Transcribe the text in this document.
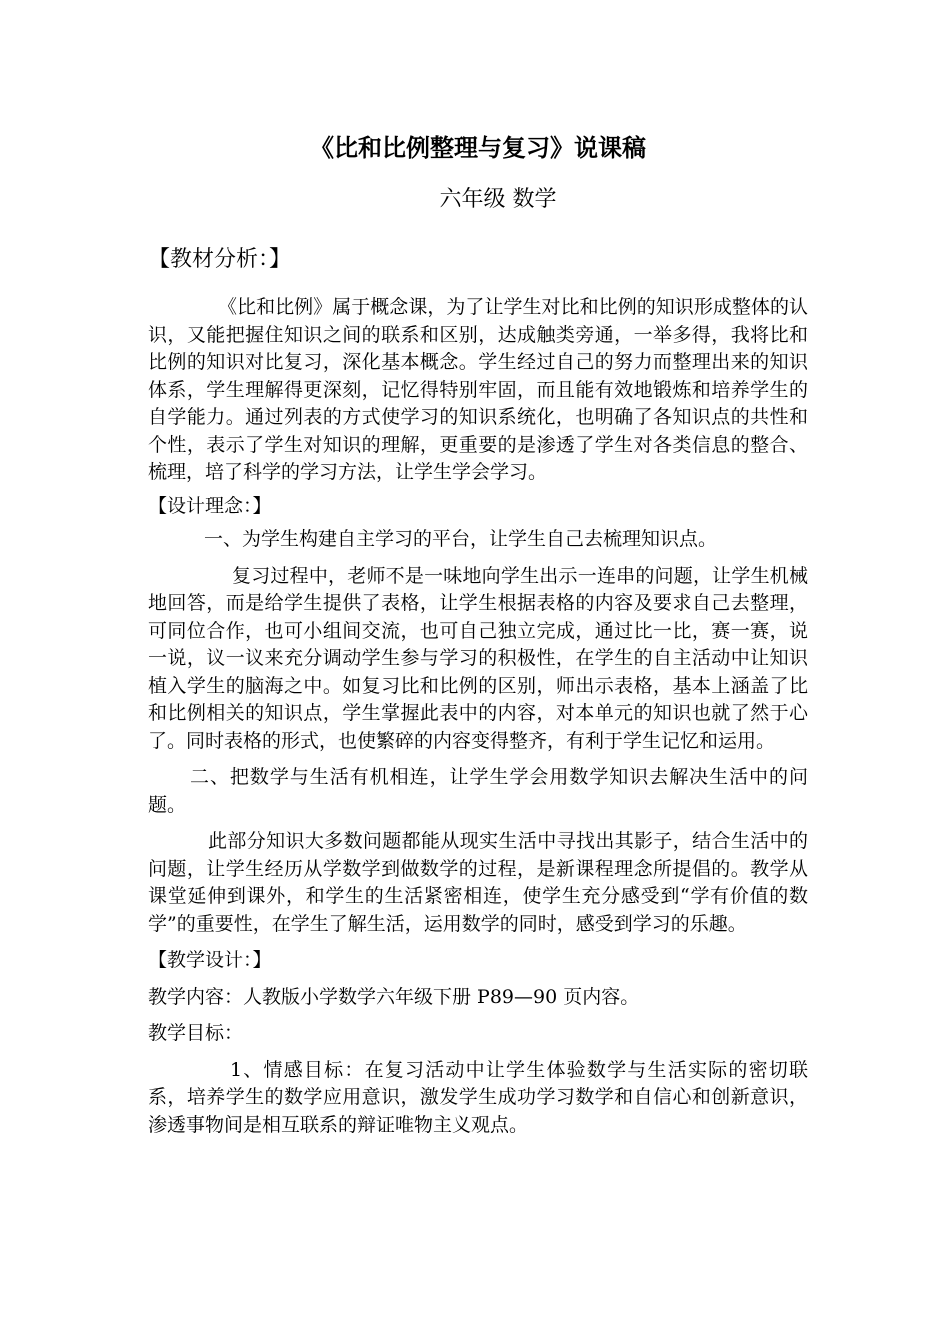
《比和比例整理与复习》说课稿
六年级 数学
【教材分析：】

《比和比例》属于概念课，为了让学生对比和比例的知识形成整体的认识，又能把握住知识之间的联系和区别，达成触类旁通，一举多得，我将比和比例的知识对比复习，深化基本概念。学生经过自己的努力而整理出来的知识体系，学生理解得更深刻，记忆得特别牢固，而且能有效地锻炼和培养学生的自学能力。通过列表的方式使学习的知识系统化，也明确了各知识点的共性和个性，表示了学生对知识的理解，更重要的是渗透了学生对各类信息的整合、梳理，培了科学的学习方法，让学生学会学习。

【设计理念：】

一、为学生构建自主学习的平台，让学生自己去梳理知识点。

复习过程中，老师不是一味地向学生出示一连串的问题，让学生机械地回答，而是给学生提供了表格，让学生根据表格的内容及要求自己去整理，可同位合作，也可小组间交流，也可自己独立完成，通过比一比，赛一赛，说一说，议一议来充分调动学生参与学习的积极性，在学生的自主活动中让知识植入学生的脑海之中。如复习比和比例的区别，师出示表格，基本上涵盖了比和比例相关的知识点，学生掌握此表中的内容，对本单元的知识也就了然于心了。同时表格的形式，也使繁碎的内容变得整齐，有利于学生记忆和运用。

二、把数学与生活有机相连，让学生学会用数学知识去解决生活中的问题。

此部分知识大多数问题都能从现实生活中寻找出其影子，结合生活中的问题，让学生经历从学数学到做数学的过程，是新课程理念所提倡的。教学从课堂延伸到课外，和学生的生活紧密相连，使学生充分感受到“学有价值的数学”的重要性，在学生了解生活，运用数学的同时，感受到学习的乐趣。

【教学设计：】

教学内容：人教版小学数学六年级下册 P89—90 页内容。

教学目标：

1、情感目标：在复习活动中让学生体验数学与生活实际的密切联系，培养学生的数学应用意识，激发学生成功学习数学和自信心和创新意识，渗透事物间是相互联系的辩证唯物主义观点。
